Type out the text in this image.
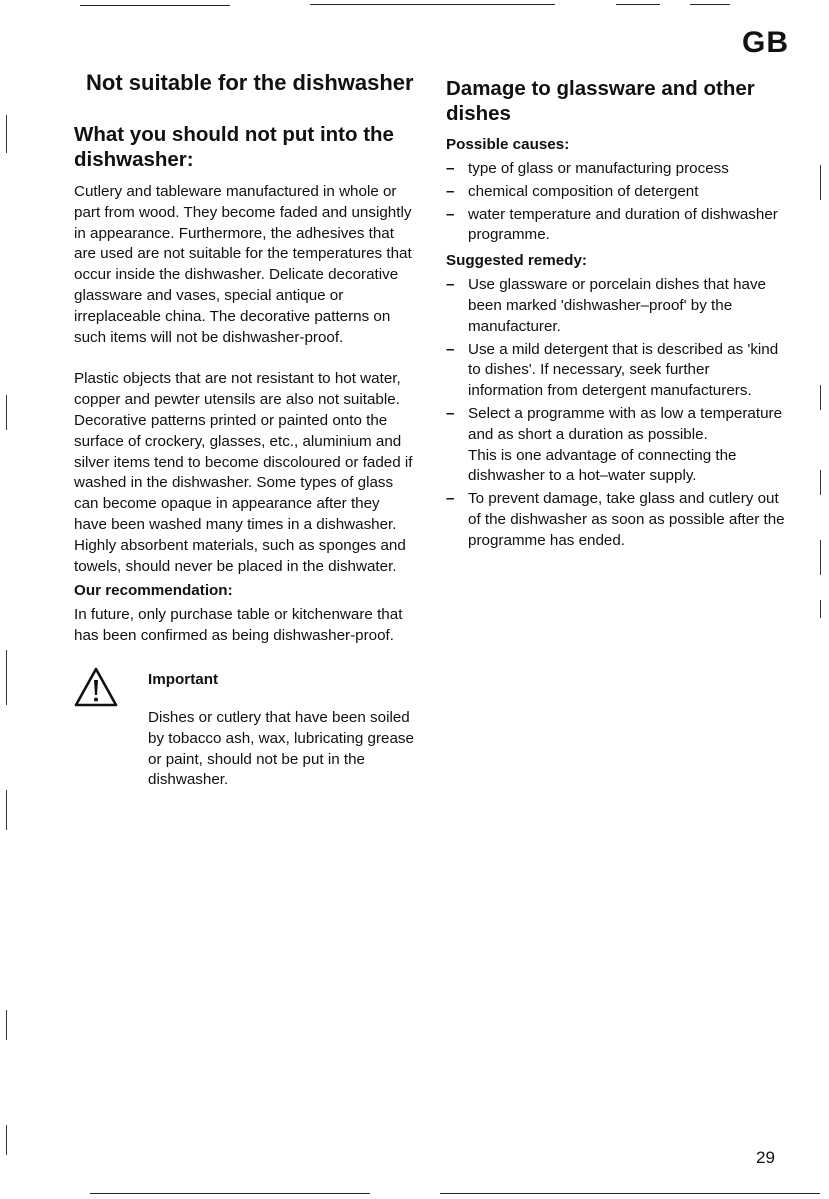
GB
Not suitable for the dishwasher
What you should not put into the dishwasher:

Cutlery and tableware manufactured in whole or part from wood. They become faded and unsightly in appearance. Furthermore, the adhesives that are used are not suitable for the temperatures that occur inside the dishwasher. Delicate decorative glassware and vases, special antique or irreplaceable china. The decorative patterns on such items will not be dishwasher-proof.

Plastic objects that are not resistant to hot water, copper and pewter utensils are also not suitable. Decorative patterns printed or painted onto the surface of crockery, glasses, etc., aluminium and silver items tend to become discoloured or faded if washed in the dishwasher. Some types of glass can become opaque in appearance after they have been washed many times in a dishwasher. Highly absorbent materials, such as sponges and towels, should never be placed in the dishwater.

Our recommendation:

In future, only purchase table or kitchenware that has been confirmed as being dishwasher-proof.

Important
Dishes or cutlery that have been soiled by tobacco ash, wax, lubricating grease or paint, should not be put in the dishwasher.
Damage to glassware and other dishes
Possible causes:
– type of glass or manufacturing process
– chemical composition of detergent
– water temperature and duration of dishwasher programme.
Suggested remedy:
– Use glassware or porcelain dishes that have been marked 'dishwasher–proof' by the manufacturer.
– Use a mild detergent that is described as 'kind to dishes'. If necessary, seek further information from detergent manufacturers.
– Select a programme with as low a temperature and as short a duration as possible.
This is one advantage of connecting the dishwasher to a hot–water supply.
– To prevent damage, take glass and cutlery out of the dishwasher as soon as possible after the programme has ended.
29
